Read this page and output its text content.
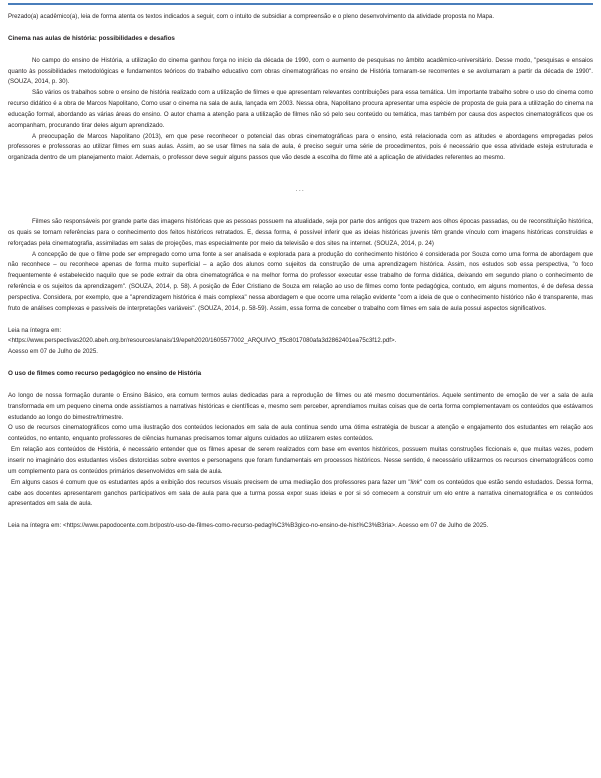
Prezado(a) acadêmico(a), leia de forma atenta os textos indicados a seguir, com o intuito de subsidiar a compreensão e o pleno desenvolvimento da atividade proposta no Mapa.

Cinema nas aulas de história: possibilidades e desafios

No campo do ensino de História, a utilização do cinema ganhou força no início da década de 1990, com o aumento de pesquisas no âmbito acadêmico-universitário. Desse modo, "pesquisas e ensaios quanto às possibilidades metodológicas e fundamentos teóricos do trabalho educativo com obras cinematográficas no ensino de História tornaram-se recorrentes e se avolumaram a partir da década de 1990". (SOUZA, 2014, p. 30).

São vários os trabalhos sobre o ensino de história realizado com a utilização de filmes e que apresentam relevantes contribuições para essa temática. Um importante trabalho sobre o uso do cinema como recurso didático é a obra de Marcos Napolitano, Como usar o cinema na sala de aula, lançada em 2003. Nessa obra, Napolitano procura apresentar uma espécie de proposta de guia para a utilização do cinema na educação formal, abordando as várias áreas do ensino. O autor chama a atenção para a utilização de filmes não só pelo seu conteúdo ou temática, mas também por causa dos aspectos cinematográficos que os acompanham, procurando tirar deles algum aprendizado.

A preocupação de Marcos Napolitano (2013), em que pese reconhecer o potencial das obras cinematográficas para o ensino, está relacionada com as atitudes e abordagens empregadas pelos professores e professoras ao utilizar filmes em suas aulas. Assim, ao se usar filmes na sala de aula, é preciso seguir uma série de procedimentos, pois é necessário que essa atividade esteja estruturada e organizada dentro de um planejamento maior. Ademais, o professor deve seguir alguns passos que vão desde a escolha do filme até a aplicação de atividades referentes ao mesmo.

...

Filmes são responsáveis por grande parte das imagens históricas que as pessoas possuem na atualidade, seja por parte dos antigos que trazem aos olhos épocas passadas, ou de reconstituição histórica, os quais se tornam referências para o conhecimento dos feitos históricos retratados. E, dessa forma, é possível inferir que as ideias históricas juvenis têm grande vínculo com imagens históricas construídas e reforçadas pela cinematografia, assimiladas em salas de projeções, mas especialmente por meio da televisão e dos sites na internet. (SOUZA, 2014, p. 24)

A concepção de que o filme pode ser empregado como uma fonte a ser analisada e explorada para a produção do conhecimento histórico é considerada por Souza como uma forma de abordagem que não reconhece – ou reconhece apenas de forma muito superficial – a ação dos alunos como sujeitos da construção de uma aprendizagem histórica. Assim, nos estudos sob essa perspectiva, "o foco frequentemente é estabelecido naquilo que se pode extrair da obra cinematográfica e na melhor forma do professor executar esse trabalho de forma didática, deixando em segundo plano o conhecimento de referência e os sujeitos da aprendizagem". (SOUZA, 2014, p. 58). A posição de Éder Cristiano de Souza em relação ao uso de filmes como fonte pedagógica, contudo, em alguns momentos, é de defesa dessa perspectiva. Considera, por exemplo, que a "aprendizagem histórica é mais complexa" nessa abordagem e que ocorre uma relação evidente "com a ideia de que o conhecimento histórico não é transparente, mas fruto de análises complexas e passíveis de interpretações variáveis". (SOUZA, 2014, p. 58-59). Assim, essa forma de conceber o trabalho com filmes em sala de aula possui aspectos significativos.

Leia na íntegra em:

<https://www.perspectivas2020.abeh.org.br/resources/anais/19/epeh2020/1605577002_ARQUIVO_ff5c8017080afa3d2862401ea75c3f12.pdf>.

Acesso em 07 de Julho de 2025.

O uso de filmes como recurso pedagógico no ensino de História

Ao longo de nossa formação durante o Ensino Básico, era comum termos aulas dedicadas para a reprodução de filmes ou até mesmo documentários. Aquele sentimento de emoção de ver a sala de aula transformada em um pequeno cinema onde assistíamos a narrativas históricas e científicas e, mesmo sem perceber, aprendíamos muitas coisas que de certa forma complementavam os conteúdos que estávamos estudando ao longo do bimestre/trimestre.

O uso de recursos cinematográficos como uma ilustração dos conteúdos lecionados em sala de aula continua sendo uma ótima estratégia de buscar a atenção e engajamento dos estudantes em relação aos conteúdos, no entanto, enquanto professores de ciências humanas precisamos tomar alguns cuidados ao utilizarem estes conteúdos.

Em relação aos conteúdos de História, é necessário entender que os filmes apesar de serem realizados com base em eventos históricos, possuem muitas construções ficcionais e, que muitas vezes, podem inserir no imaginário dos estudantes visões distorcidas sobre eventos e personagens que foram fundamentais em processos históricos. Nesse sentido, é necessário utilizarmos os recursos cinematográficos como um complemento para os conteúdos primários desenvolvidos em sala de aula.

Em alguns casos é comum que os estudantes após a exibição dos recursos visuais precisem de uma mediação dos professores para fazer um "link" com os conteúdos que estão sendo estudados. Dessa forma, cabe aos docentes apresentarem ganchos participativos em sala de aula para que a turma possa expor suas ideias e por si só comecem a construir um elo entre a narrativa cinematográfica e os conteúdos apresentados em sala de aula.

Leia na íntegra em: <https://www.papodocente.com.br/post/o-uso-de-filmes-como-recurso-pedag%C3%B3gico-no-ensino-de-hist%C3%B3ria>. Acesso em 07 de Julho de 2025.
